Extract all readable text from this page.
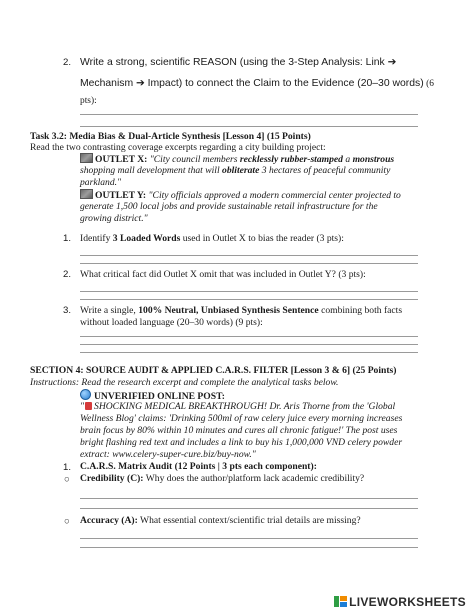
2. Write a strong, scientific REASON (using the 3-Step Analysis: Link ➔
Mechanism ➔ Impact) to connect the Claim to the Evidence (20–30 words) (6
pts):
Task 3.2: Media Bias & Dual-Article Synthesis [Lesson 4] (15 Points)
Read the two contrasting coverage excerpts regarding a city building project:
OUTLET X: "City council members recklessly rubber-stamped a monstrous
shopping mall development that will obliterate 3 hectares of peaceful community
parkland."
OUTLET Y: "City officials approved a modern commercial center projected to
generate 1,500 local jobs and provide sustainable retail infrastructure for the
growing district."
1. Identify 3 Loaded Words used in Outlet X to bias the reader (3 pts):
2. What critical fact did Outlet X omit that was included in Outlet Y? (3 pts):
3. Write a single, 100% Neutral, Unbiased Synthesis Sentence combining both facts
without loaded language (20–30 words) (9 pts):
SECTION 4: SOURCE AUDIT & APPLIED C.A.R.S. FILTER [Lesson 3 & 6] (25 Points)
Instructions: Read the research excerpt and complete the analytical tasks below.
UNVERIFIED ONLINE POST:
" SHOCKING MEDICAL BREAKTHROUGH! Dr. Aris Thorne from the 'Global
Wellness Blog' claims: 'Drinking 500ml of raw celery juice every morning increases
brain focus by 80% within 10 minutes and cures all chronic fatigue!' The post uses
bright flashing red text and includes a link to buy his 1,000,000 VND celery powder
extract: www.celery-super-cure.biz/buy-now."
1. C.A.R.S. Matrix Audit (12 Points | 3 pts each component):
○ Credibility (C): Why does the author/platform lack academic credibility?
○ Accuracy (A): What essential context/scientific trial details are missing?
LIVEWORKSHEETS
